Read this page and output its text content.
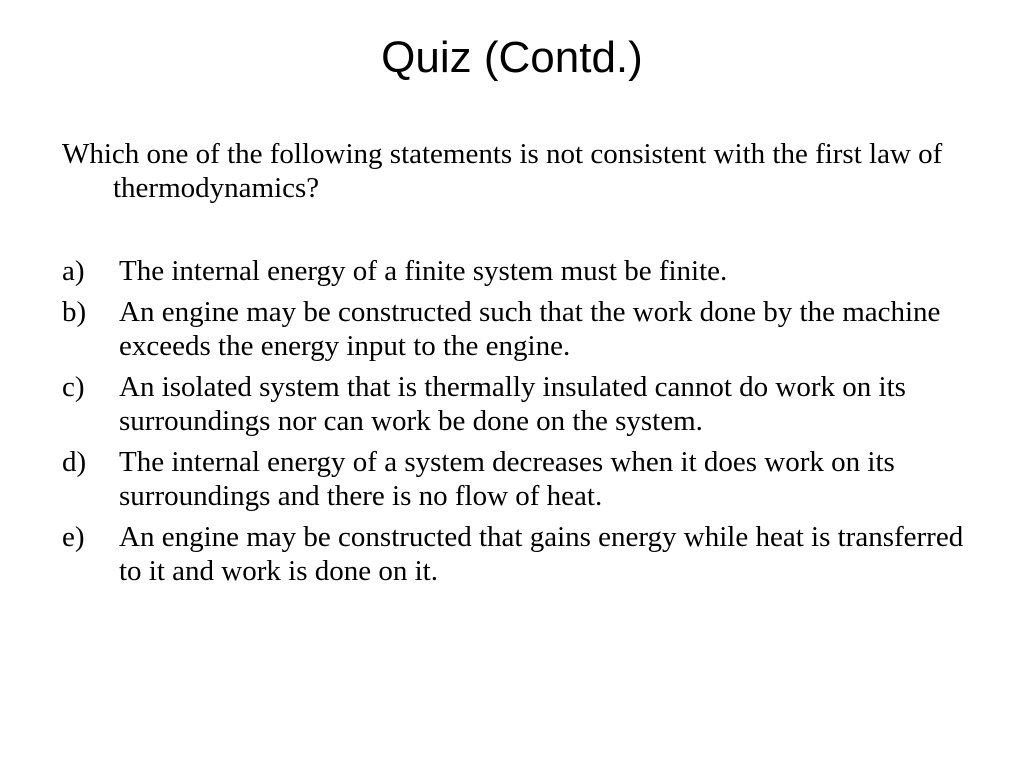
Quiz (Contd.)
Which one of the following statements is not consistent with the first law of thermodynamics?
a)	The internal energy of a finite system must be finite.
b)	An engine may be constructed such that the work done by the machine exceeds the energy input to the engine.
c)	An isolated system that is thermally insulated cannot do work on its surroundings nor can work be done on the system.
d)	The internal energy of a system decreases when it does work on its surroundings and there is no flow of heat.
e)	An engine may be constructed that gains energy while heat is transferred to it and work is done on it.
